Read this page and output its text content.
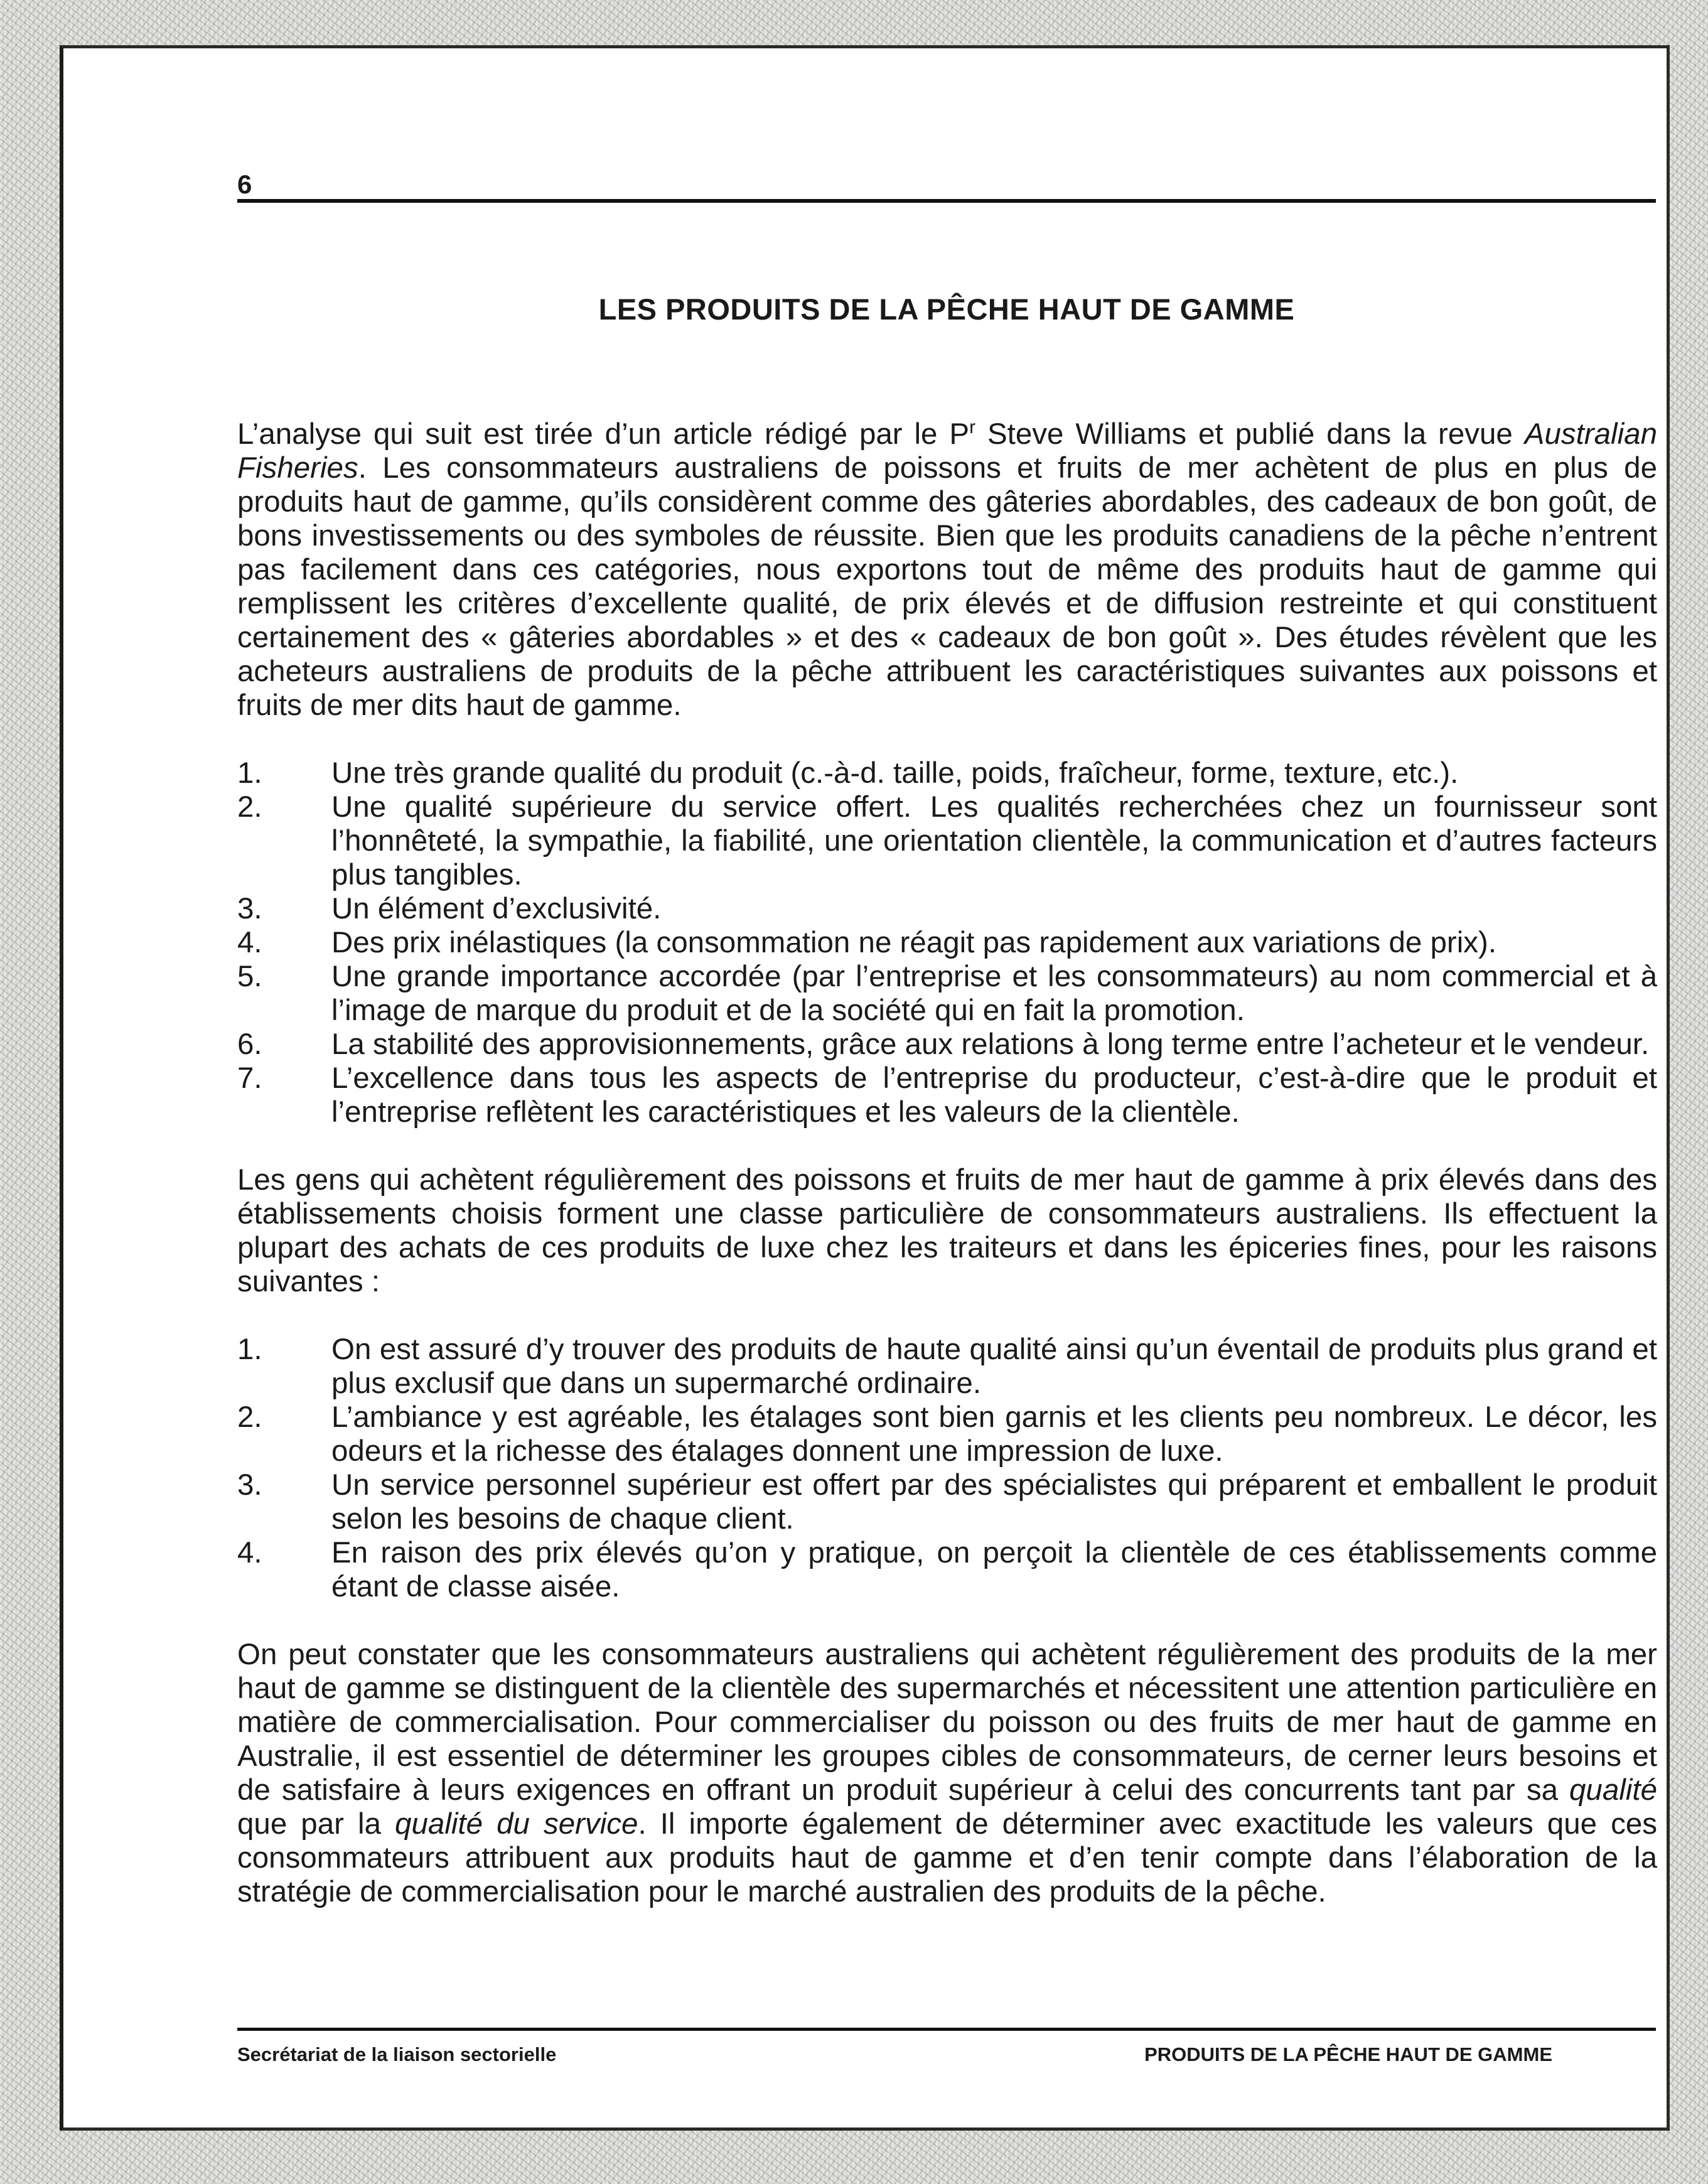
6
LES PRODUITS DE LA PÊCHE HAUT DE GAMME

L’analyse qui suit est tirée d’un article rédigé par le $P^r$ Steve Williams et publié dans la revue Australian Fisheries. Les consommateurs australiens de poissons et fruits de mer achètent de plus en plus de produits haut de gamme, qu’ils considèrent comme des gâteries abordables, des cadeaux de bon goût, de bons investissements ou des symboles de réussite. Bien que les produits canadiens de la pêche n’entrent pas facilement dans ces catégories, nous exportons tout de même des produits haut de gamme qui remplissent les critères d’excellente qualité, de prix élevés et de diffusion restreinte et qui constituent certainement des « gâteries abordables » et des « cadeaux de bon goût ». Des études révèlent que les acheteurs australiens de produits de la pêche attribuent les caractéristiques suivantes aux poissons et fruits de mer dits haut de gamme.

1.	Une très grande qualité du produit (c.-à-d. taille, poids, fraîcheur, forme, texture, etc.).
2.	Une qualité supérieure du service offert. Les qualités recherchées chez un fournisseur sont l’honnêteté, la sympathie, la fiabilité, une orientation clientèle, la communication et d’autres facteurs plus tangibles.
3.	Un élément d’exclusivité.
4.	Des prix inélastiques (la consommation ne réagit pas rapidement aux variations de prix).
5.	Une grande importance accordée (par l’entreprise et les consommateurs) au nom commercial et à l’image de marque du produit et de la société qui en fait la promotion.
6.	La stabilité des approvisionnements, grâce aux relations à long terme entre l’acheteur et le vendeur.
7.	L’excellence dans tous les aspects de l’entreprise du producteur, c’est-à-dire que le produit et l’entreprise reflètent les caractéristiques et les valeurs de la clientèle.

Les gens qui achètent régulièrement des poissons et fruits de mer haut de gamme à prix élevés dans des établissements choisis forment une classe particulière de consommateurs australiens. Ils effectuent la plupart des achats de ces produits de luxe chez les traiteurs et dans les épiceries fines, pour les raisons suivantes :

1.	On est assuré d’y trouver des produits de haute qualité ainsi qu’un éventail de produits plus grand et plus exclusif que dans un supermarché ordinaire.
2.	L’ambiance y est agréable, les étalages sont bien garnis et les clients peu nombreux. Le décor, les odeurs et la richesse des étalages donnent une impression de luxe.
3.	Un service personnel supérieur est offert par des spécialistes qui préparent et emballent le produit selon les besoins de chaque client.
4.	En raison des prix élevés qu’on y pratique, on perçoit la clientèle de ces établissements comme étant de classe aisée.

On peut constater que les consommateurs australiens qui achètent régulièrement des produits de la mer haut de gamme se distinguent de la clientèle des supermarchés et nécessitent une attention particulière en matière de commercialisation. Pour commercialiser du poisson ou des fruits de mer haut de gamme en Australie, il est essentiel de déterminer les groupes cibles de consommateurs, de cerner leurs besoins et de satisfaire à leurs exigences en offrant un produit supérieur à celui des concurrents tant par sa qualité que par la qualité du service. Il importe également de déterminer avec exactitude les valeurs que ces consommateurs attribuent aux produits haut de gamme et d’en tenir compte dans l’élaboration de la stratégie de commercialisation pour le marché australien des produits de la pêche.

Secrétariat de la liaison sectorielle	PRODUITS DE LA PÊCHE HAUT DE GAMME
